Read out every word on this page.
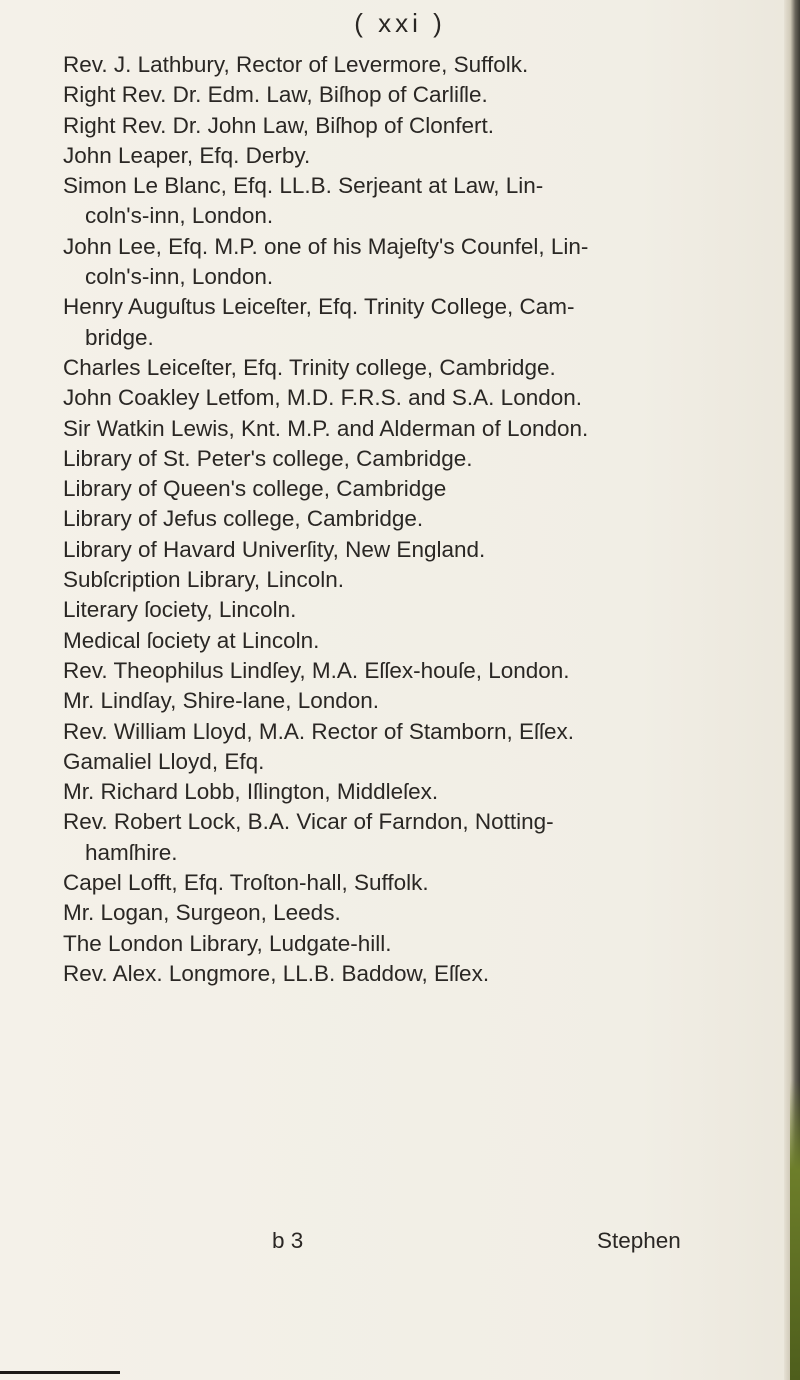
( xxi )
Rev. J. Lathbury, Rector of Levermore, Suffolk.
Right Rev. Dr. Edm. Law, Biſhop of Carliſle.
Right Rev. Dr. John Law, Biſhop of Clonfert.
John Leaper, Efq. Derby.
Simon Le Blanc, Efq. LL.B. Serjeant at Law, Lin-
coln's-inn, London.
John Lee, Efq. M.P. one of his Majeſty's Counfel, Lin-
coln's-inn, London.
Henry Auguſtus Leiceſter, Efq. Trinity College, Cam-
bridge.
Charles Leiceſter, Efq. Trinity college, Cambridge.
John Coakley Letfom, M.D. F.R.S. and S.A. London.
Sir Watkin Lewis, Knt. M.P. and Alderman of London.
Library of St. Peter's college, Cambridge.
Library of Queen's college, Cambridge
Library of Jefus college, Cambridge.
Library of Havard Univerſity, New England.
Subſcription Library, Lincoln.
Literary ſociety, Lincoln.
Medical ſociety at Lincoln.
Rev. Theophilus Lindſey, M.A. Eſſex-houſe, London.
Mr. Lindſay, Shire-lane, London.
Rev. William Lloyd, M.A. Rector of Stamborn, Eſſex.
Gamaliel Lloyd, Efq.
Mr. Richard Lobb, Iſlington, Middleſex.
Rev. Robert Lock, B.A. Vicar of Farndon, Notting-
hamſhire.
Capel Lofft, Efq. Troſton-hall, Suffolk.
Mr. Logan, Surgeon, Leeds.
The London Library, Ludgate-hill.
Rev. Alex. Longmore, LL.B. Baddow, Eſſex.
b 3	Stephen
